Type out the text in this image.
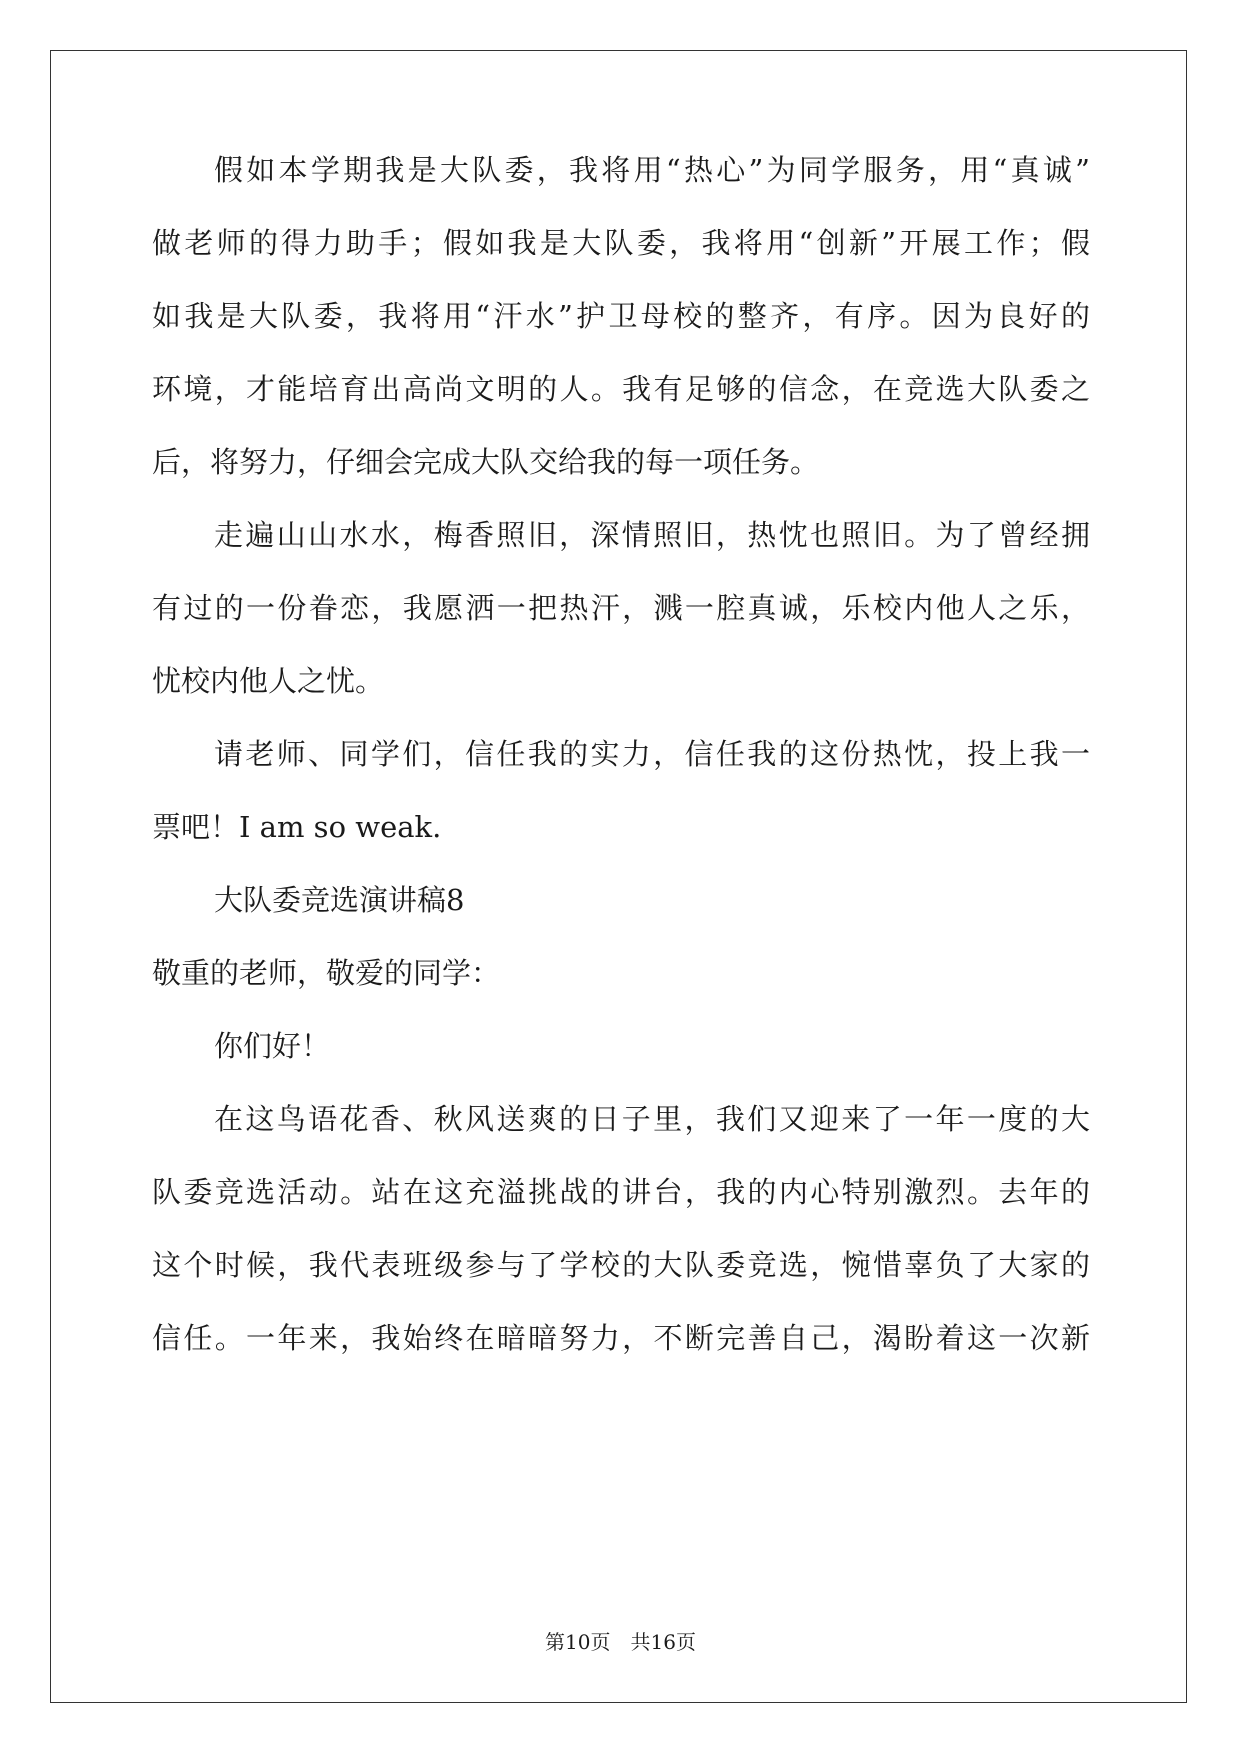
假如本学期我是大队委，我将用“热心”为同学服务，用“真诚”
做老师的得力助手；假如我是大队委，我将用“创新”开展工作；假
如我是大队委，我将用“汗水”护卫母校的整齐，有序。因为良好的
环境，才能培育出高尚文明的人。我有足够的信念，在竞选大队委之
后，将努力，仔细会完成大队交给我的每一项任务。
走遍山山水水，梅香照旧，深情照旧，热忱也照旧。为了曾经拥
有过的一份眷恋，我愿洒一把热汗，溅一腔真诚，乐校内他人之乐，
忧校内他人之忧。
请老师、同学们，信任我的实力，信任我的这份热忱，投上我一
票吧！I am so weak.
大队委竞选演讲稿8
敬重的老师，敬爱的同学：
你们好！
在这鸟语花香、秋风送爽的日子里，我们又迎来了一年一度的大
队委竞选活动。站在这充溢挑战的讲台，我的内心特别激烈。去年的
这个时候，我代表班级参与了学校的大队委竞选，惋惜辜负了大家的
信任。一年来，我始终在暗暗努力，不断完善自己，渴盼着这一次新
第10页　共16页
